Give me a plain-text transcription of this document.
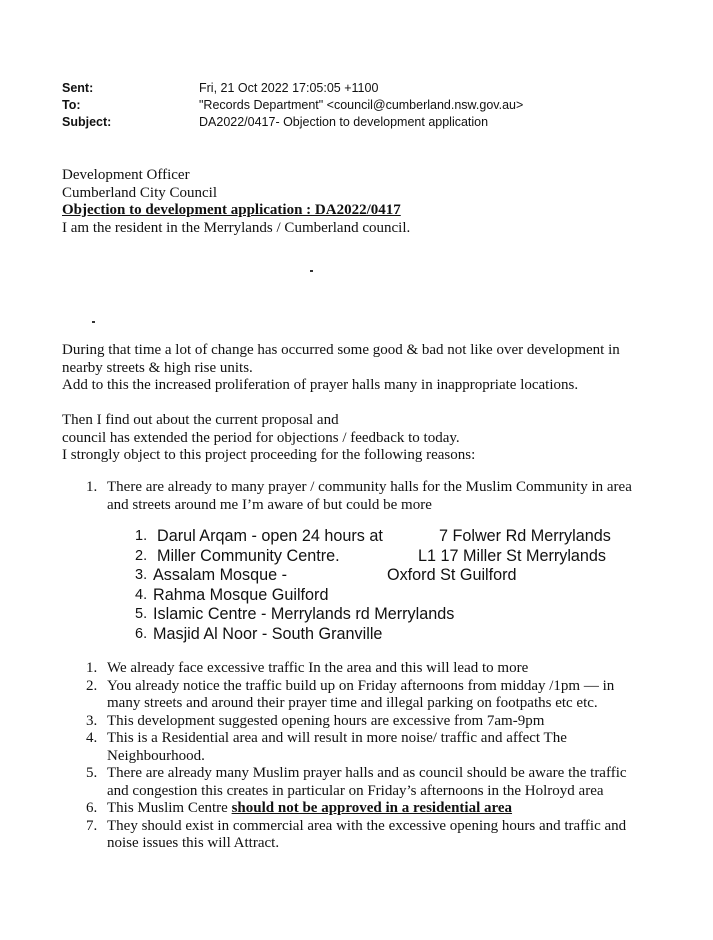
Sent:	Fri, 21 Oct 2022 17:05:05 +1100
To:	"Records Department" <council@cumberland.nsw.gov.au>
Subject:	DA2022/0417- Objection to development application
Development Officer
Cumberland City Council
Objection to development application : DA2022/0417
I am the resident in the Merrylands / Cumberland council.
During that time a lot of change has occurred some good & bad not like over development in
nearby streets & high rise units.
Add to this the increased proliferation of prayer halls many in inappropriate locations.
Then I find out about the current proposal and
council has extended the period for objections / feedback to today.
I strongly object to this project proceeding for the following reasons:
1. There are already to many prayer / community halls for the Muslim Community in area
and streets around me I’m aware of but could be more
1. Darul Arqam - open 24 hours at	7 Folwer Rd Merrylands
2. Miller Community Centre.	L1 17 Miller St Merrylands
3. Assalam Mosque -	Oxford St Guilford
4. Rahma Mosque Guilford
5. Islamic Centre - Merrylands rd Merrylands
6. Masjid Al Noor - South Granville
1. We already face excessive traffic In the area and this will lead to more
2. You already notice the traffic build up on Friday afternoons from midday /1pm — in
many streets and around their prayer time and illegal parking on footpaths etc etc.
3. This development suggested opening hours are excessive from 7am-9pm
4. This is a Residential area and will result in more noise/ traffic and affect The
Neighbourhood.
5. There are already many Muslim prayer halls and as council should be aware the traffic
and congestion this creates in particular on Friday’s afternoons in the Holroyd area
6. This Muslim Centre should not be approved in a residential area
7. They should exist in commercial area with the excessive opening hours and traffic and
noise issues this will Attract.
